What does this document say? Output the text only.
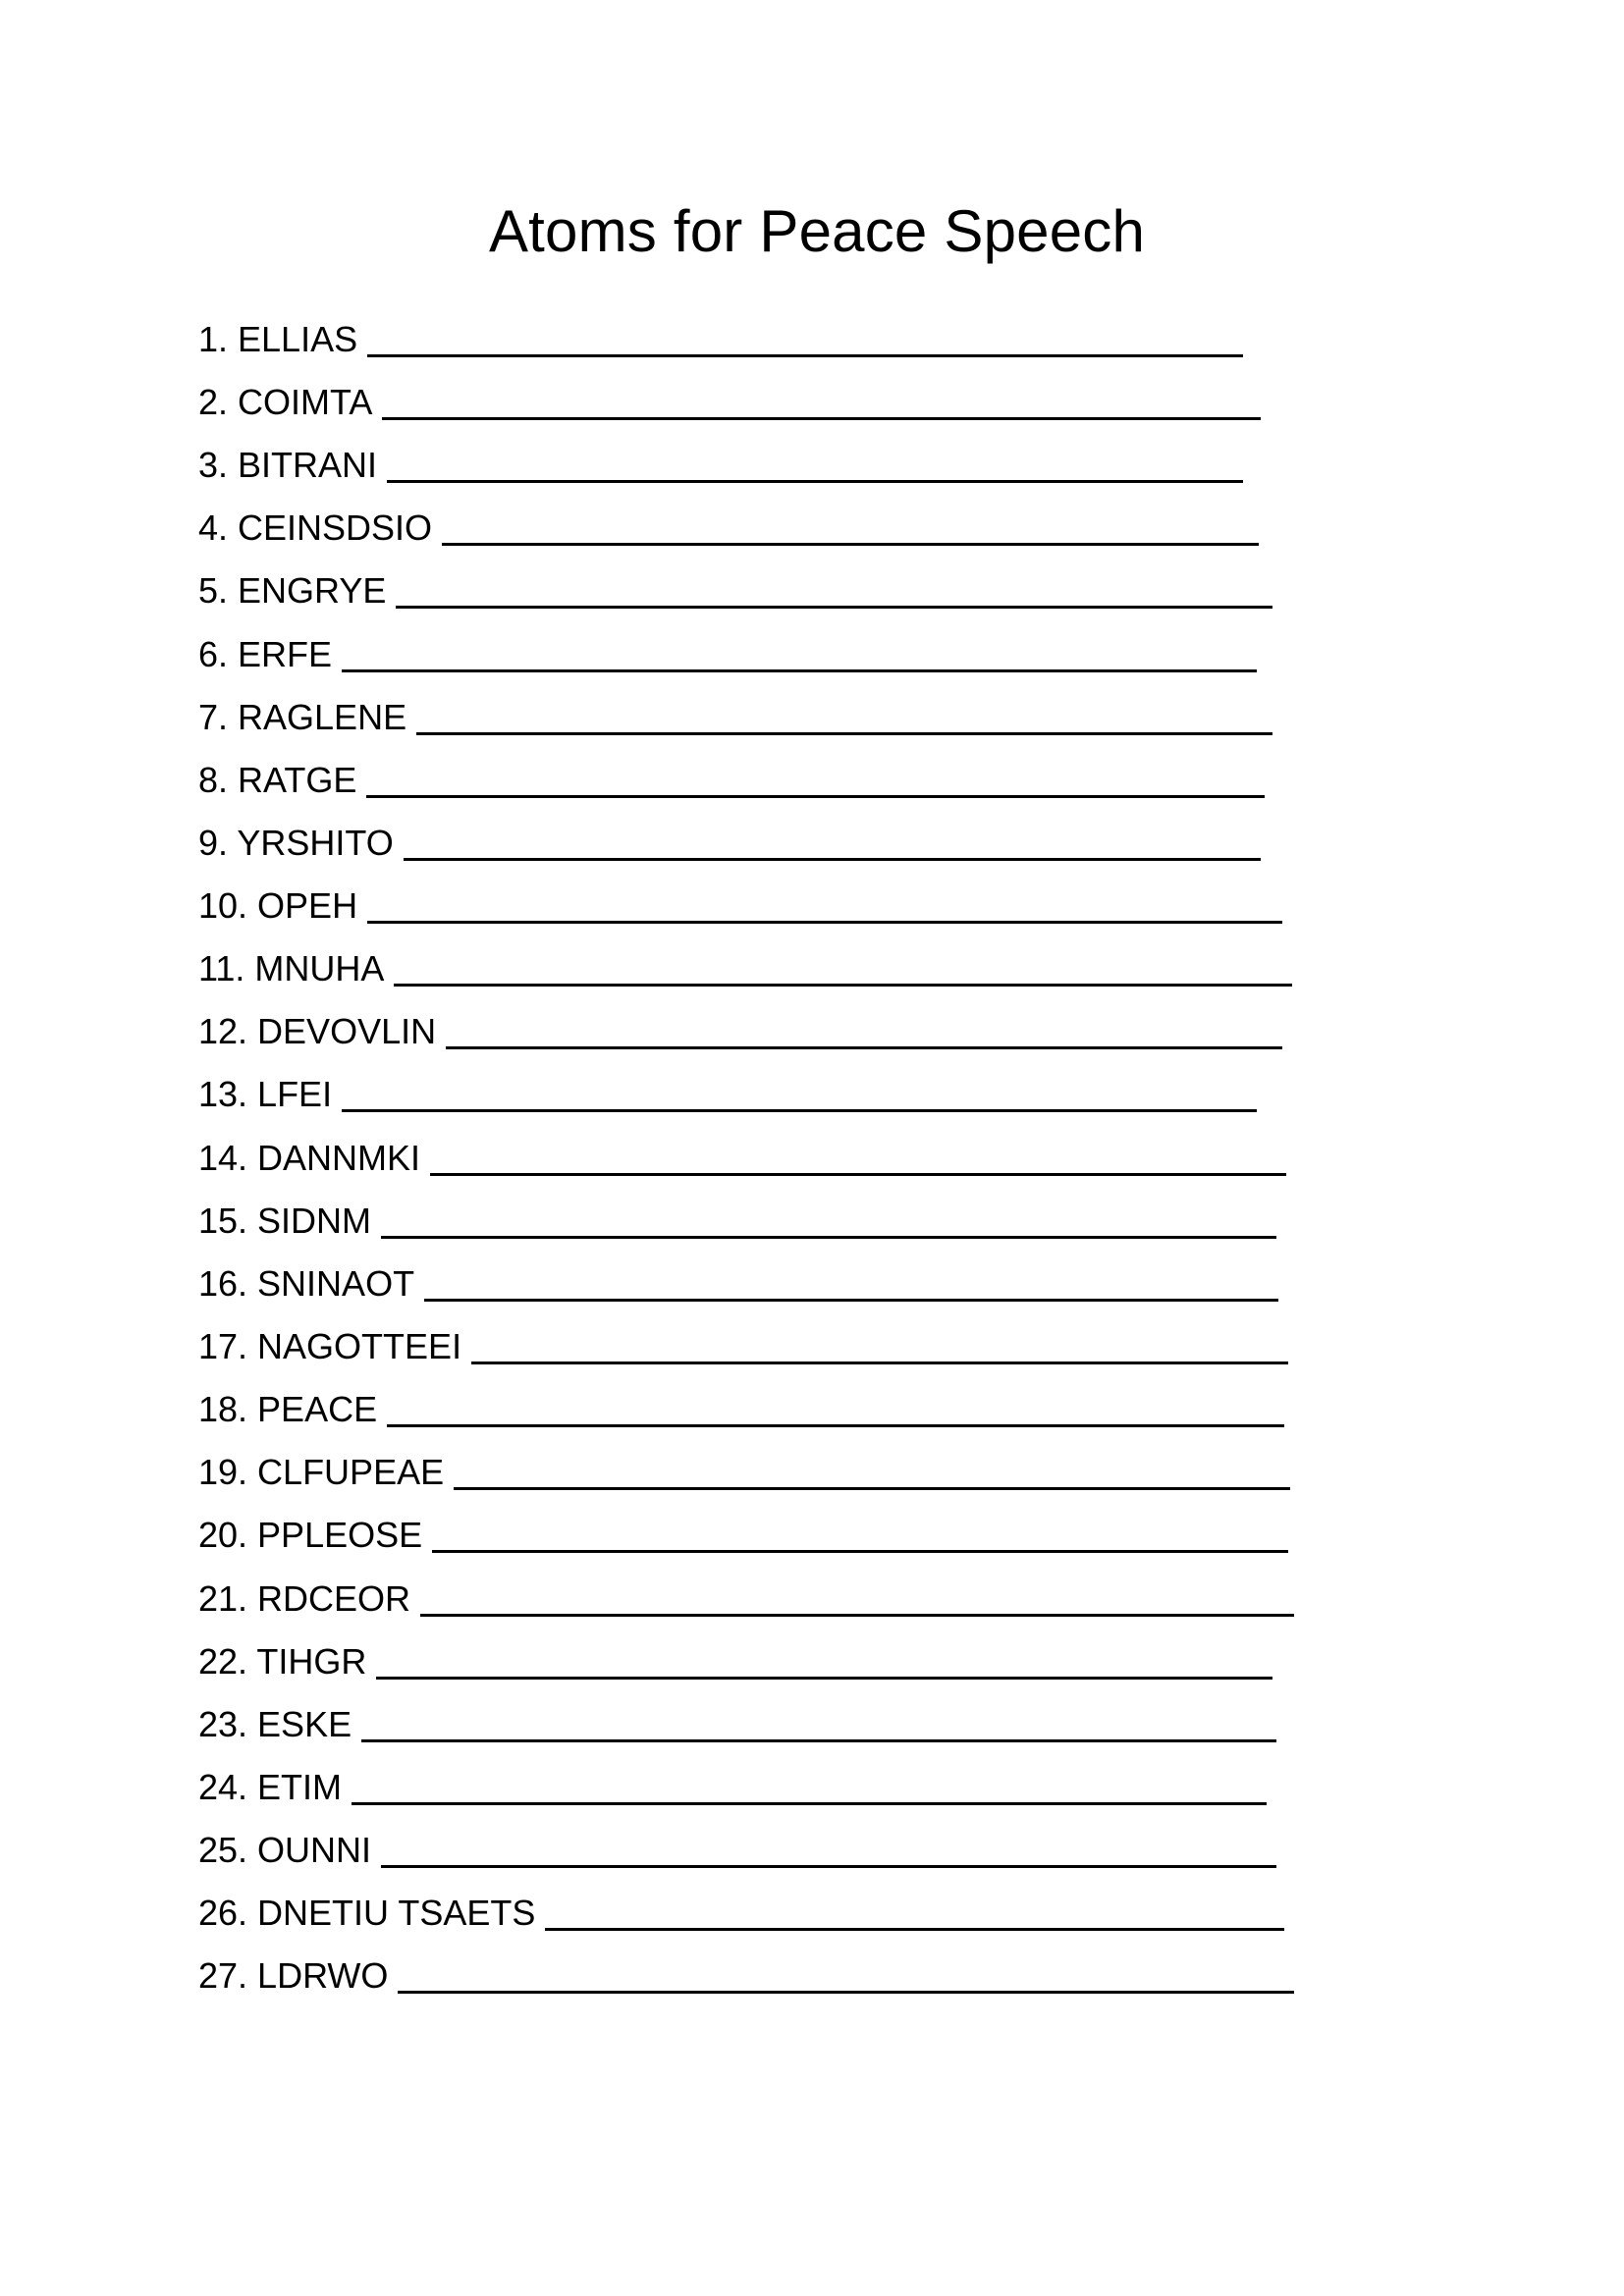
Atoms for Peace Speech
1. ELLIAS
2. COIMTA
3. BITRANI
4. CEINSDSIO
5. ENGRYE
6. ERFE
7. RAGLENE
8. RATGE
9. YRSHITO
10. OPEH
11. MNUHA
12. DEVOVLIN
13. LFEI
14. DANNMKI
15. SIDNM
16. SNINAOT
17. NAGOTTEEI
18. PEACE
19. CLFUPEAE
20. PPLEOSE
21. RDCEOR
22. TIHGR
23. ESKE
24. ETIM
25. OUNNI
26. DNETIU TSAETS
27. LDRWO
